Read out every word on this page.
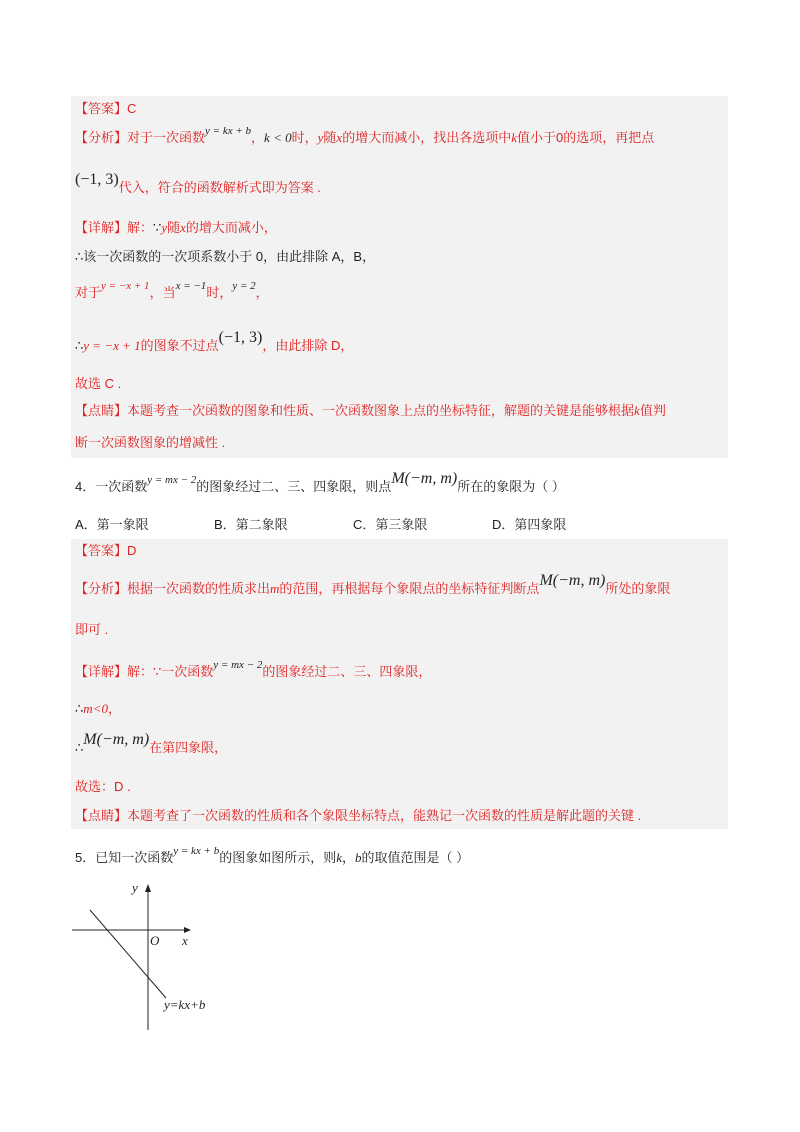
【答案】C
【分析】对于一次函数$^{y = kx + b}$，k < 0时，y随x的增大而减小，找出各选项中k值小于0的选项，再把点
(−1, 3)代入，符合的函数解析式即为答案 .
【详解】解：∵y随x的增大而减小，
∴该一次函数的一次项系数小于 0，由此排除 A，B，
对于$^{y = -x + 1}$，当$^{x = -1}$时，$^{y = 2}$，
∴y = −x + 1的图象不过点(−1, 3)，由此排除 D，
故选 C .
【点睛】本题考查一次函数的图象和性质、一次函数图象上点的坐标特征，解题的关键是能够根据k值判
断一次函数图象的增减性 .
4．一次函数$^{y = mx - 2}$的图象经过二、三、四象限，则点M(−m, m)所在的象限为（ ）
A．第一象限	B．第二象限	C．第三象限	D．第四象限
【答案】D
【分析】根据一次函数的性质求出m的范围，再根据每个象限点的坐标特征判断点M(−m, m)所处的象限
即可 .
【详解】解：∵一次函数$^{y = mx - 2}$的图象经过二、三、四象限，
∴m<0，
∴M(−m, m)在第四象限，
故选：D .
【点睛】本题考查了一次函数的性质和各个象限坐标特点，能熟记一次函数的性质是解此题的关键 .
5．已知一次函数$^{y = kx + b}$的图象如图所示，则k，b的取值范围是（ ）
y
x
O
y=kx+b
